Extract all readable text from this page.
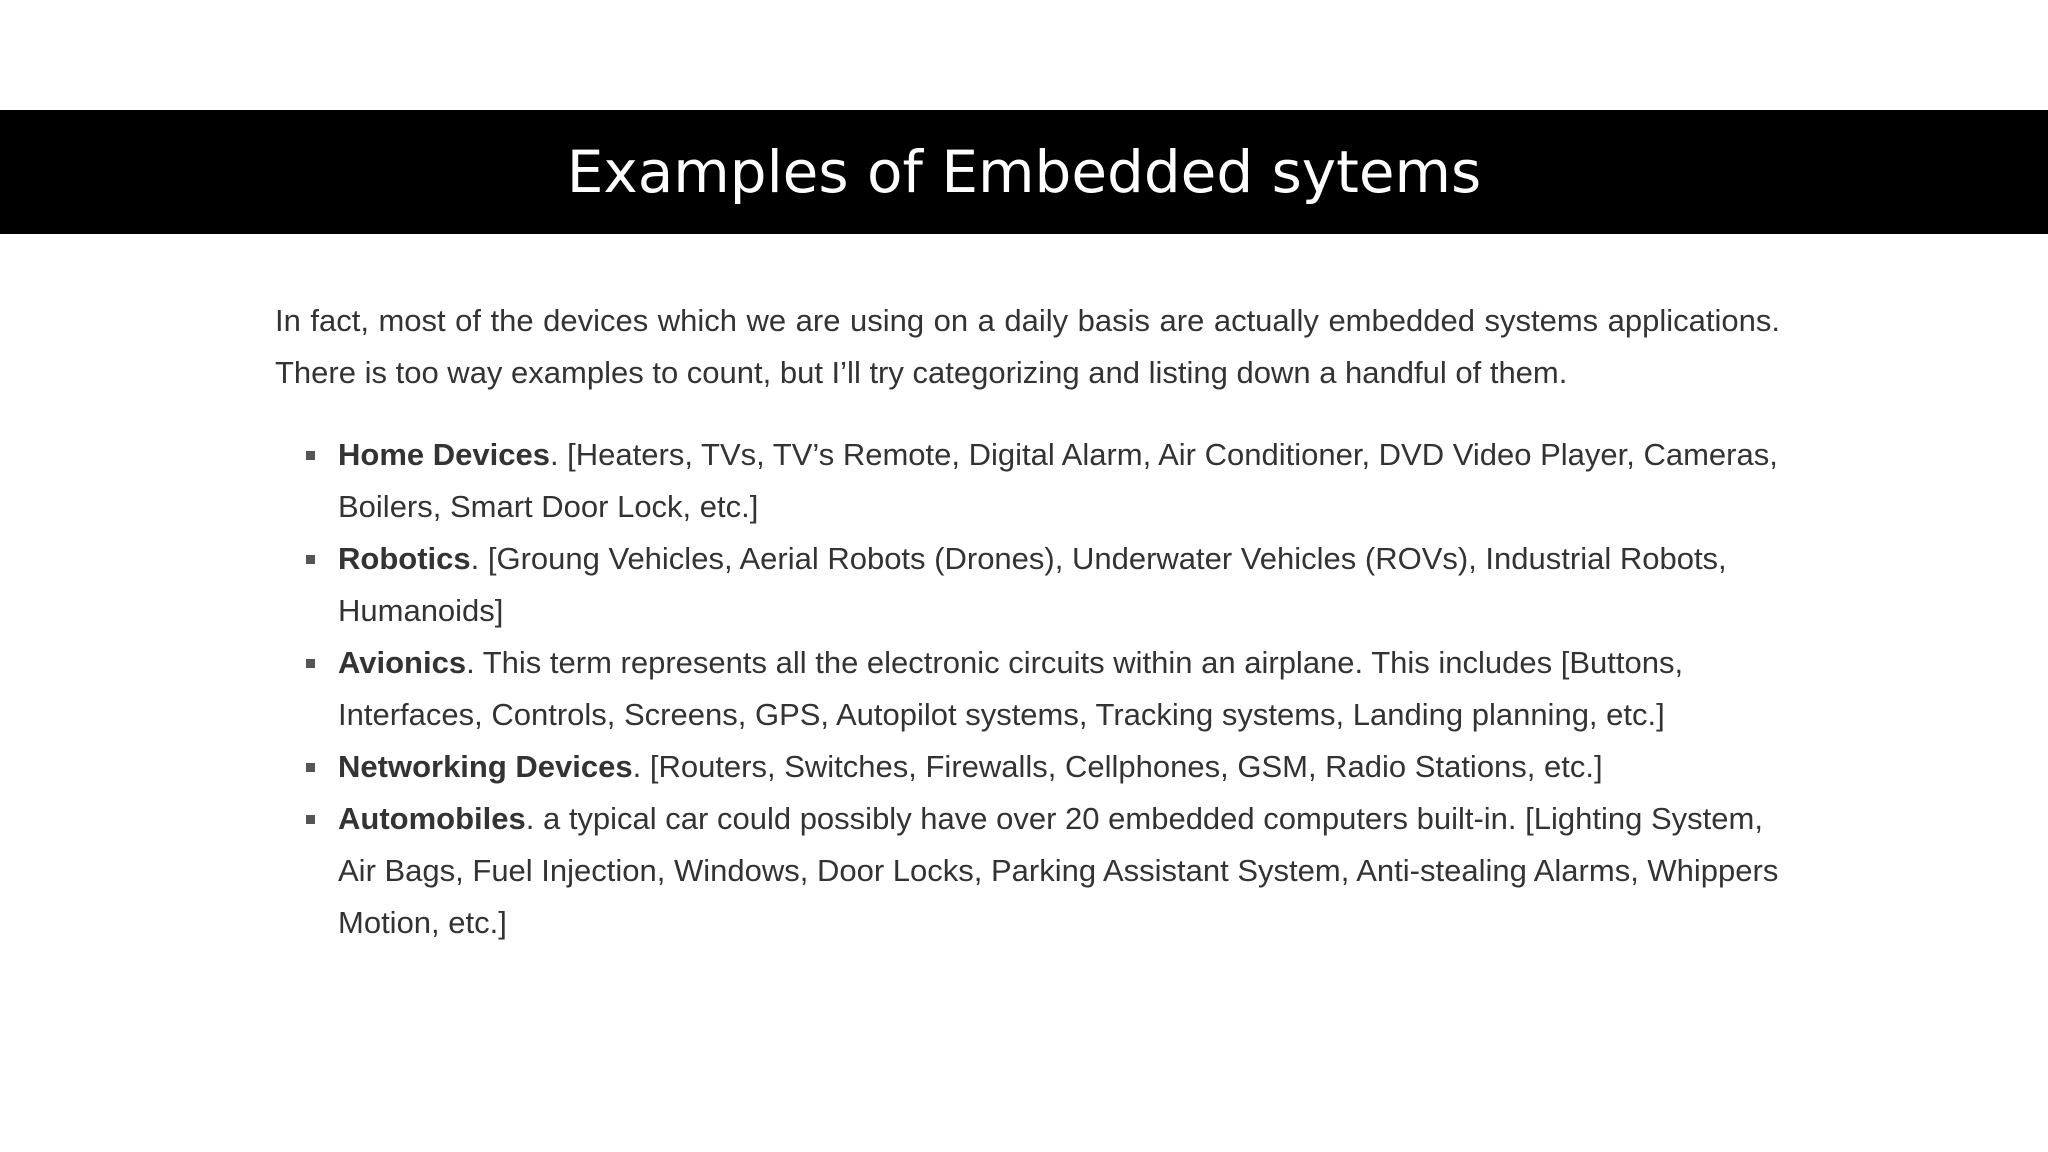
Examples of Embedded sytems

In fact, most of the devices which we are using on a daily basis are actually embedded systems applications. There is too way examples to count, but I’ll try categorizing and listing down a handful of them.

Home Devices. [Heaters, TVs, TV’s Remote, Digital Alarm, Air Conditioner, DVD Video Player, Cameras, Boilers, Smart Door Lock, etc.]
Robotics. [Groung Vehicles, Aerial Robots (Drones), Underwater Vehicles (ROVs), Industrial Robots, Humanoids]
Avionics. This term represents all the electronic circuits within an airplane. This includes [Buttons, Interfaces, Controls, Screens, GPS, Autopilot systems, Tracking systems, Landing planning, etc.]
Networking Devices. [Routers, Switches, Firewalls, Cellphones, GSM, Radio Stations, etc.]
Automobiles. a typical car could possibly have over 20 embedded computers built-in. [Lighting System, Air Bags, Fuel Injection, Windows, Door Locks, Parking Assistant System, Anti-stealing Alarms, Whippers Motion, etc.]
